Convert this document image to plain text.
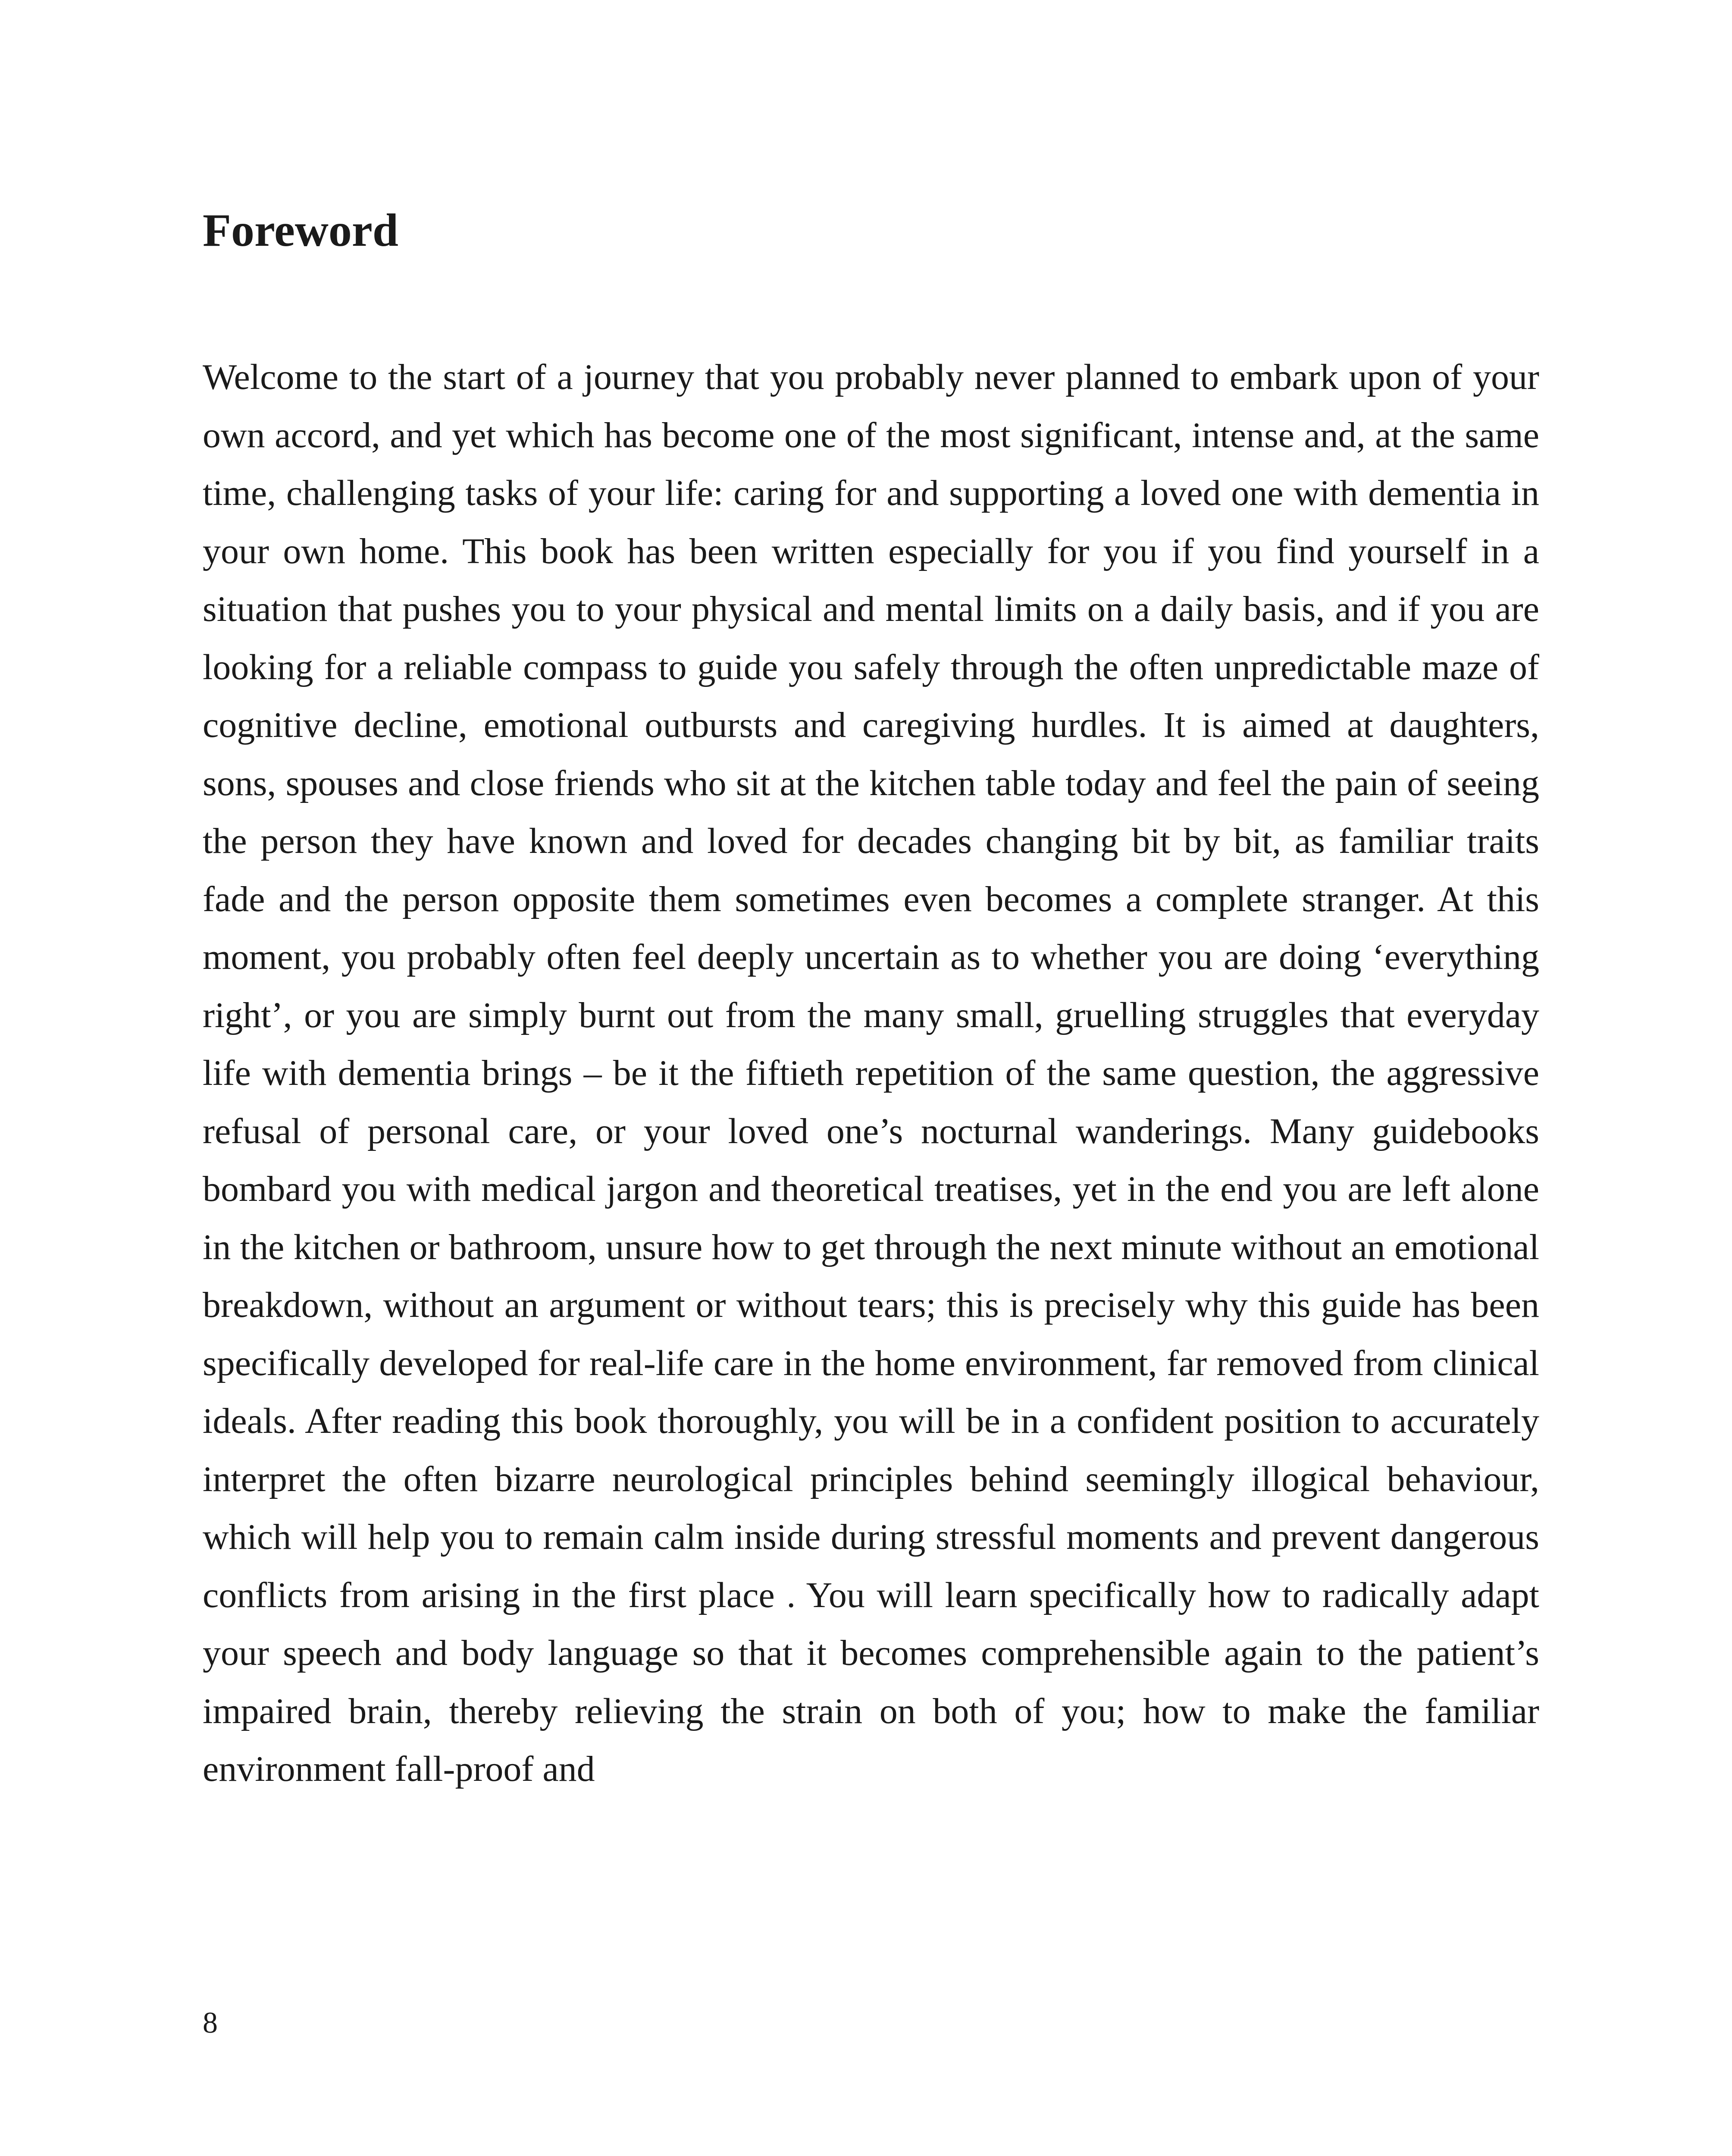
Foreword

Welcome to the start of a journey that you probably never planned to embark upon of your own accord, and yet which has become one of the most significant, intense and, at the same time, challenging tasks of your life: caring for and supporting a loved one with dementia in your own home. This book has been written especially for you if you find yourself in a situation that pushes you to your physical and mental limits on a daily basis, and if you are looking for a reliable compass to guide you safely through the often unpredictable maze of cognitive decline, emotional outbursts and caregiving hurdles. It is aimed at daughters, sons, spouses and close friends who sit at the kitchen table today and feel the pain of seeing the person they have known and loved for decades changing bit by bit, as familiar traits fade and the person opposite them sometimes even becomes a complete stranger. At this moment, you probably often feel deeply uncertain as to whether you are doing ‘everything right’, or you are simply burnt out from the many small, gruelling struggles that everyday life with dementia brings – be it the fiftieth repetition of the same question, the aggressive refusal of personal care, or your loved one’s nocturnal wanderings. Many guidebooks bombard you with medical jargon and theoretical treatises, yet in the end you are left alone in the kitchen or bathroom, unsure how to get through the next minute without an emotional breakdown, without an argument or without tears; this is precisely why this guide has been specifically developed for real-life care in the home environment, far removed from clinical ideals. After reading this book thoroughly, you will be in a confident position to accurately interpret the often bizarre neurological principles behind seemingly illogical behaviour, which will help you to remain calm inside during stressful moments and prevent dangerous conflicts from arising in the first place . You will learn specifically how to radically adapt your speech and body language so that it becomes comprehensible again to the patient’s impaired brain, thereby relieving the strain on both of you; how to make the familiar environment fall-proof and

8
